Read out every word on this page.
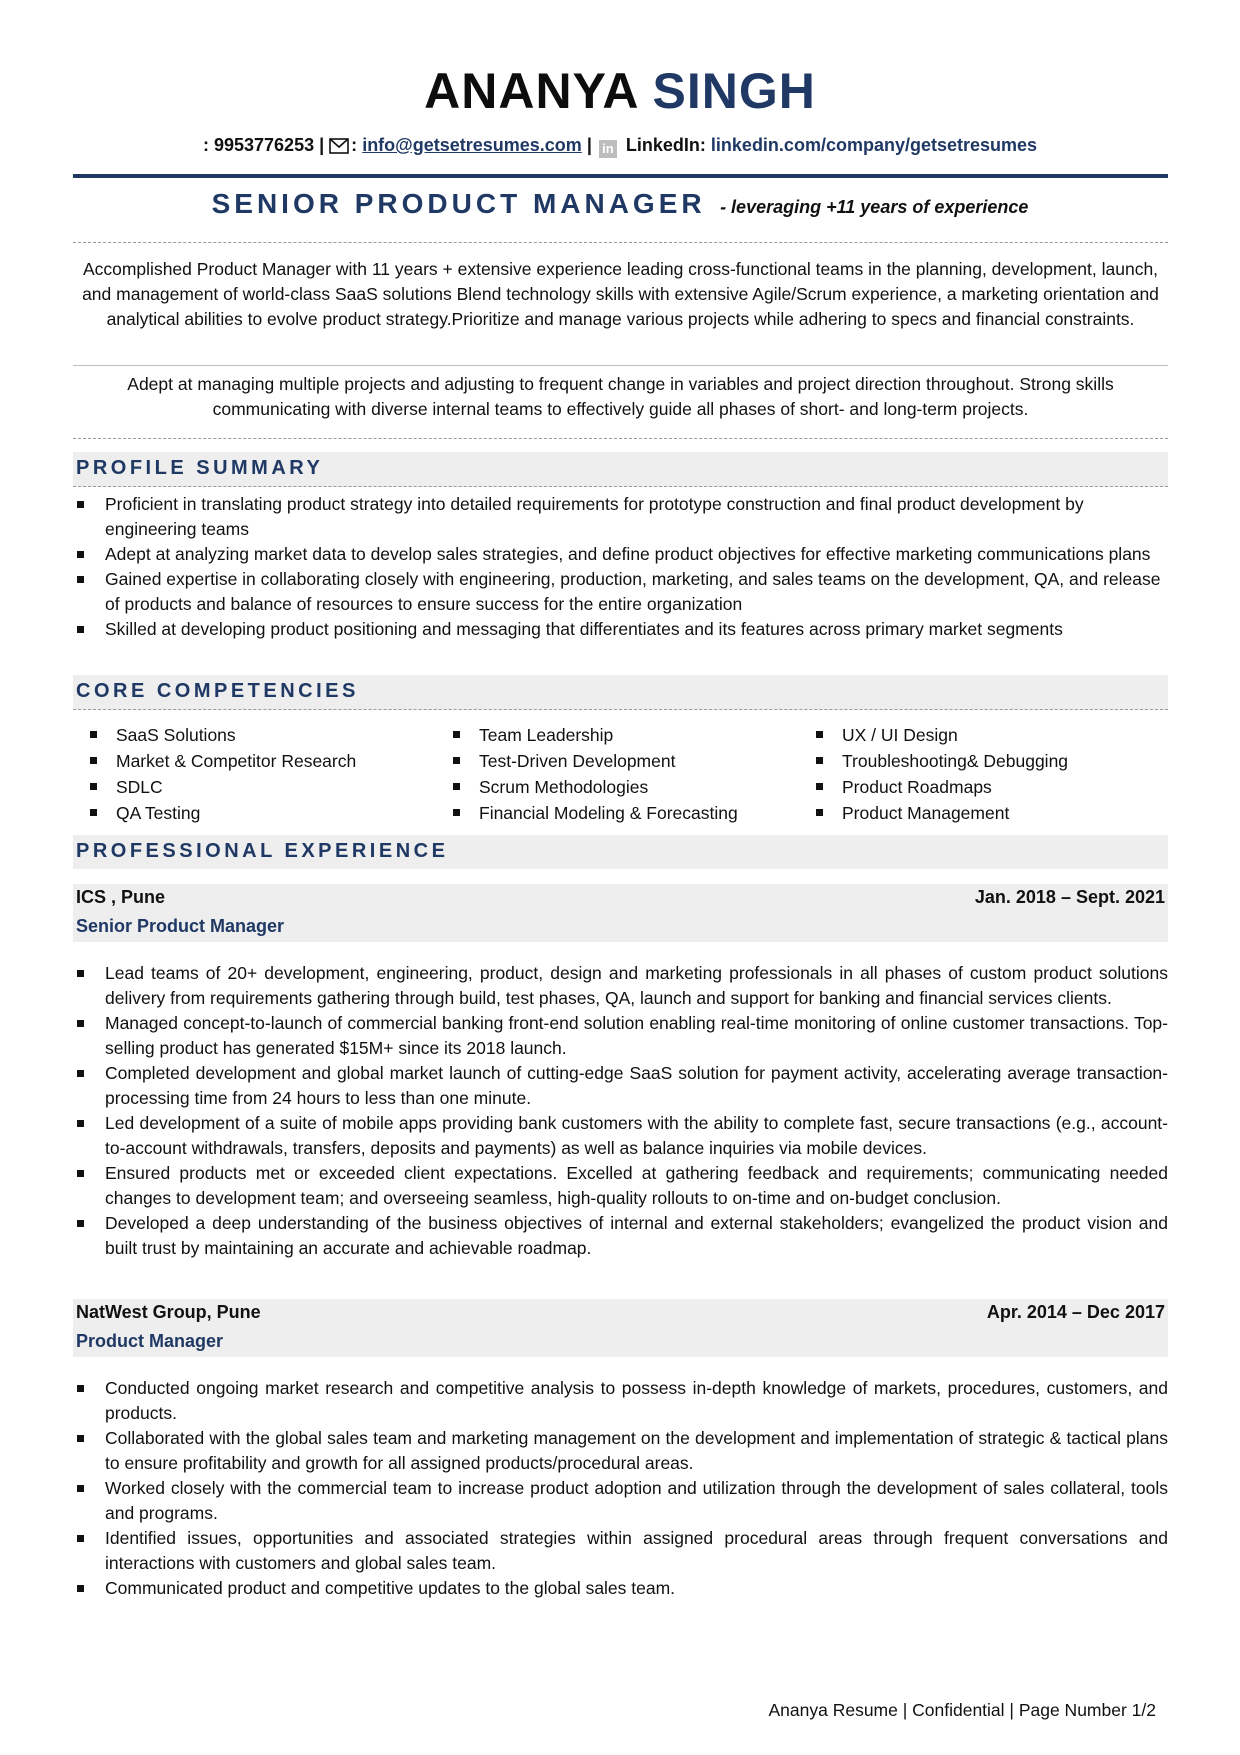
ANANYA SINGH
: 9953776253 | : info@getsetresumes.com | in LinkedIn: linkedin.com/company/getsetresumes
SENIOR PRODUCT MANAGER - leveraging +11 years of experience
Accomplished Product Manager with 11 years + extensive experience leading cross-functional teams in the planning, development, launch, and management of world-class SaaS solutions Blend technology skills with extensive Agile/Scrum experience, a marketing orientation and analytical abilities to evolve product strategy.Prioritize and manage various projects while adhering to specs and financial constraints.
Adept at managing multiple projects and adjusting to frequent change in variables and project direction throughout. Strong skills communicating with diverse internal teams to effectively guide all phases of short- and long-term projects.
PROFILE SUMMARY
Proficient in translating product strategy into detailed requirements for prototype construction and final product development by engineering teams
Adept at analyzing market data to develop sales strategies, and define product objectives for effective marketing communications plans
Gained expertise in collaborating closely with engineering, production, marketing, and sales teams on the development, QA, and release of products and balance of resources to ensure success for the entire organization
Skilled at developing product positioning and messaging that differentiates and its features across primary market segments
CORE COMPETENCIES
SaaS Solutions
Market & Competitor Research
SDLC
QA Testing
Team Leadership
Test-Driven Development
Scrum Methodologies
Financial Modeling & Forecasting
UX / UI Design
Troubleshooting& Debugging
Product Roadmaps
Product Management
PROFESSIONAL EXPERIENCE
ICS , Pune	Jan. 2018 – Sept. 2021
Senior Product Manager
Lead teams of 20+ development, engineering, product, design and marketing professionals in all phases of custom product solutions delivery from requirements gathering through build, test phases, QA, launch and support for banking and financial services clients.
Managed concept-to-launch of commercial banking front-end solution enabling real-time monitoring of online customer transactions. Top-selling product has generated $15M+ since its 2018 launch.
Completed development and global market launch of cutting-edge SaaS solution for payment activity, accelerating average transaction-processing time from 24 hours to less than one minute.
Led development of a suite of mobile apps providing bank customers with the ability to complete fast, secure transactions (e.g., account-to-account withdrawals, transfers, deposits and payments) as well as balance inquiries via mobile devices.
Ensured products met or exceeded client expectations. Excelled at gathering feedback and requirements; communicating needed changes to development team; and overseeing seamless, high-quality rollouts to on-time and on-budget conclusion.
Developed a deep understanding of the business objectives of internal and external stakeholders; evangelized the product vision and built trust by maintaining an accurate and achievable roadmap.
NatWest Group, Pune	Apr. 2014 – Dec 2017
Product Manager
Conducted ongoing market research and competitive analysis to possess in-depth knowledge of markets, procedures, customers, and products.
Collaborated with the global sales team and marketing management on the development and implementation of strategic & tactical plans to ensure profitability and growth for all assigned products/procedural areas.
Worked closely with the commercial team to increase product adoption and utilization through the development of sales collateral, tools and programs.
Identified issues, opportunities and associated strategies within assigned procedural areas through frequent conversations and interactions with customers and global sales team.
Communicated product and competitive updates to the global sales team.
Ananya Resume | Confidential | Page Number 1/2
